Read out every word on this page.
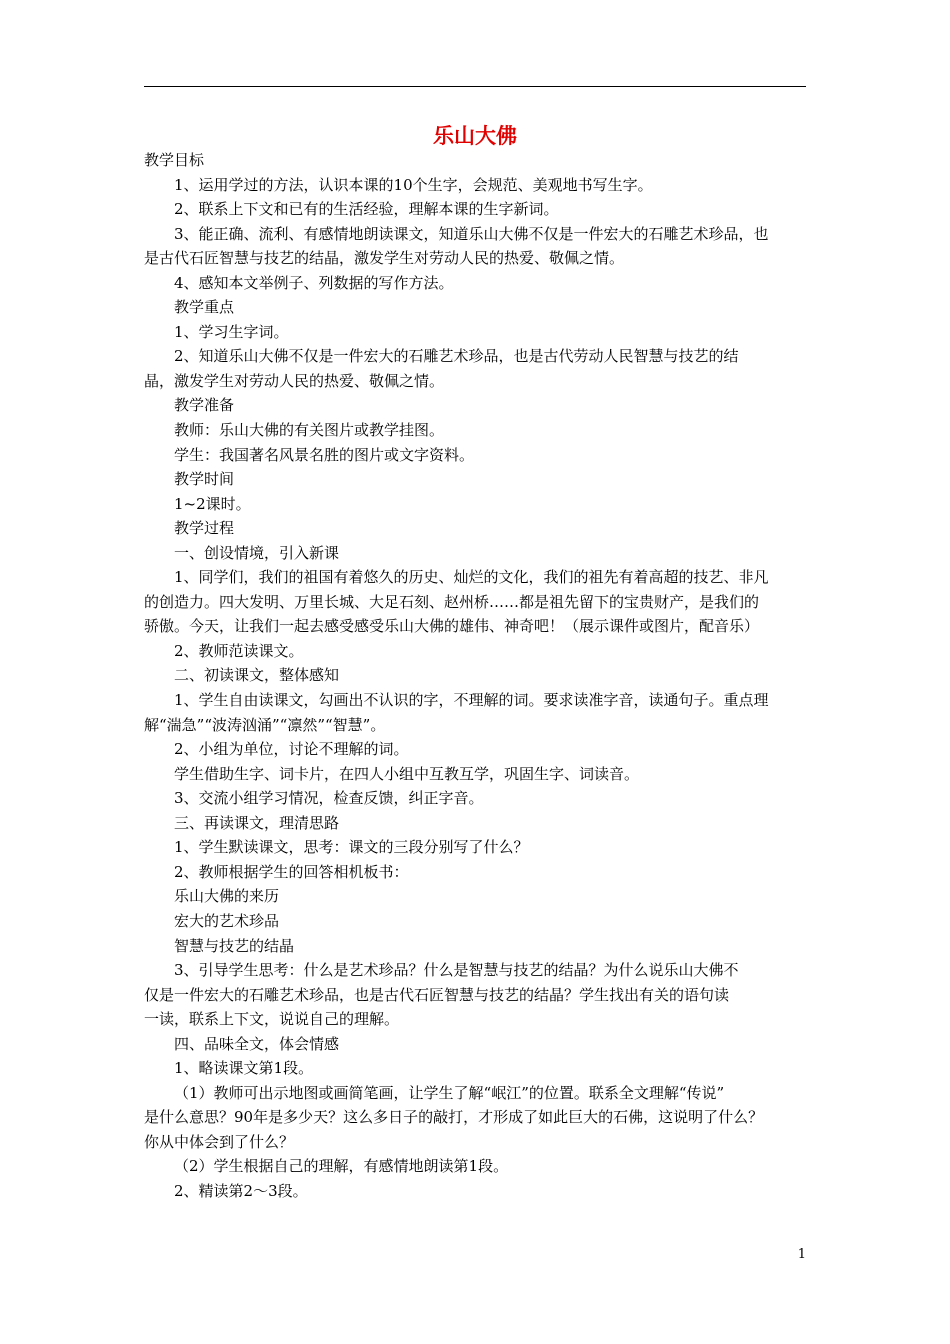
乐山大佛

教学目标

1、运用学过的方法，认识本课的10个生字，会规范、美观地书写生字。

2、联系上下文和已有的生活经验，理解本课的生字新词。

3、能正确、流利、有感情地朗读课文，知道乐山大佛不仅是一件宏大的石雕艺术珍品，也

是古代石匠智慧与技艺的结晶，激发学生对劳动人民的热爱、敬佩之情。

4、感知本文举例子、列数据的写作方法。

教学重点

1、学习生字词。

2、知道乐山大佛不仅是一件宏大的石雕艺术珍品，也是古代劳动人民智慧与技艺的结

晶，激发学生对劳动人民的热爱、敬佩之情。

教学准备

教师：乐山大佛的有关图片或教学挂图。

学生：我国著名风景名胜的图片或文字资料。

教学时间

1~2课时。

教学过程

一、创设情境，引入新课

1、同学们，我们的祖国有着悠久的历史、灿烂的文化，我们的祖先有着高超的技艺、非凡

的创造力。四大发明、万里长城、大足石刻、赵州桥……都是祖先留下的宝贵财产，是我们的

骄傲。今天，让我们一起去感受感受乐山大佛的雄伟、神奇吧！（展示课件或图片，配音乐）

2、教师范读课文。

二、初读课文，整体感知

1、学生自由读课文，勾画出不认识的字，不理解的词。要求读准字音，读通句子。重点理

解“湍急”“波涛汹涌”“凛然”“智慧”。

2、小组为单位，讨论不理解的词。

学生借助生字、词卡片，在四人小组中互教互学，巩固生字、词读音。

3、交流小组学习情况，检查反馈，纠正字音。

三、再读课文，理清思路

1、学生默读课文，思考：课文的三段分别写了什么？

2、教师根据学生的回答相机板书：

乐山大佛的来历

宏大的艺术珍品

智慧与技艺的结晶

3、引导学生思考：什么是艺术珍品？什么是智慧与技艺的结晶？为什么说乐山大佛不

仅是一件宏大的石雕艺术珍品，也是古代石匠智慧与技艺的结晶？学生找出有关的语句读

一读，联系上下文，说说自己的理解。

四、品味全文，体会情感

1、略读课文第1段。

（1）教师可出示地图或画简笔画，让学生了解“岷江”的位置。联系全文理解“传说”

是什么意思？90年是多少天？这么多日子的敲打，才形成了如此巨大的石佛，这说明了什么？

你从中体会到了什么？

（2）学生根据自己的理解，有感情地朗读第1段。

2、精读第2～3段。

1
